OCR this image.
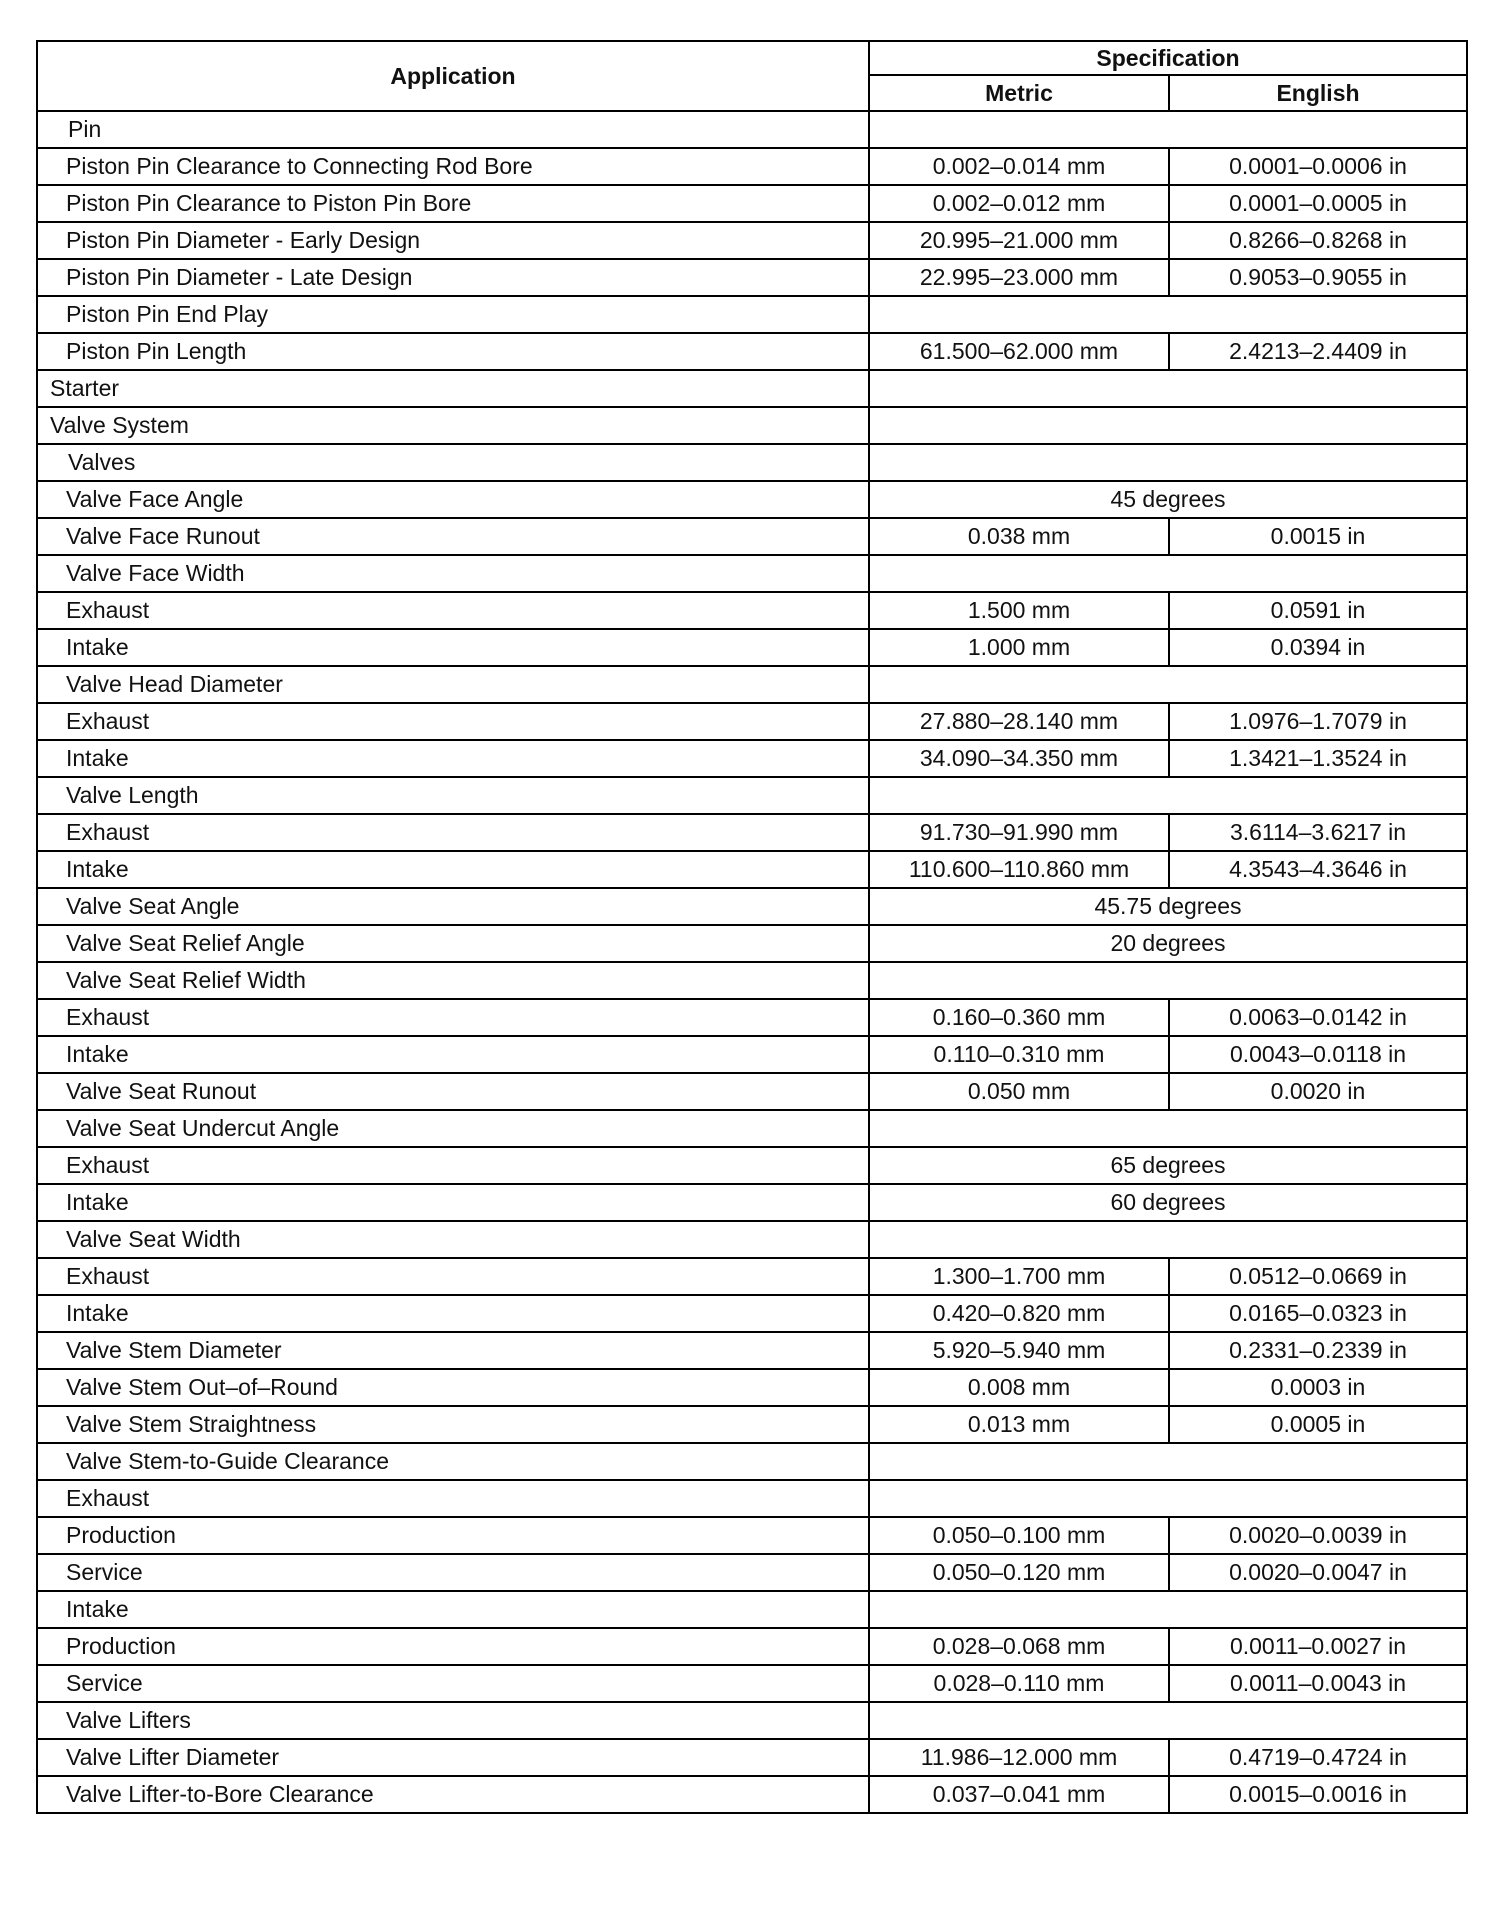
Application	Specification	
	Metric	English
Pin		
Piston Pin Clearance to Connecting Rod Bore	0.002–0.014 mm	0.0001–0.0006 in
Piston Pin Clearance to Piston Pin Bore	0.002–0.012 mm	0.0001–0.0005 in
Piston Pin Diameter - Early Design	20.995–21.000 mm	0.8266–0.8268 in
Piston Pin Diameter - Late Design	22.995–23.000 mm	0.9053–0.9055 in
Piston Pin End Play		
Piston Pin Length	61.500–62.000 mm	2.4213–2.4409 in
Starter		
Valve System		
Valves		
Valve Face Angle	45 degrees	
Valve Face Runout	0.038 mm	0.0015 in
Valve Face Width		
Exhaust	1.500 mm	0.0591 in
Intake	1.000 mm	0.0394 in
Valve Head Diameter		
Exhaust	27.880–28.140 mm	1.0976–1.7079 in
Intake	34.090–34.350 mm	1.3421–1.3524 in
Valve Length		
Exhaust	91.730–91.990 mm	3.6114–3.6217 in
Intake	110.600–110.860 mm	4.3543–4.3646 in
Valve Seat Angle	45.75 degrees	
Valve Seat Relief Angle	20 degrees	
Valve Seat Relief Width		
Exhaust	0.160–0.360 mm	0.0063–0.0142 in
Intake	0.110–0.310 mm	0.0043–0.0118 in
Valve Seat Runout	0.050 mm	0.0020 in
Valve Seat Undercut Angle		
Exhaust	65 degrees	
Intake	60 degrees	
Valve Seat Width		
Exhaust	1.300–1.700 mm	0.0512–0.0669 in
Intake	0.420–0.820 mm	0.0165–0.0323 in
Valve Stem Diameter	5.920–5.940 mm	0.2331–0.2339 in
Valve Stem Out–of–Round	0.008 mm	0.0003 in
Valve Stem Straightness	0.013 mm	0.0005 in
Valve Stem-to-Guide Clearance		
Exhaust		
Production	0.050–0.100 mm	0.0020–0.0039 in
Service	0.050–0.120 mm	0.0020–0.0047 in
Intake		
Production	0.028–0.068 mm	0.0011–0.0027 in
Service	0.028–0.110 mm	0.0011–0.0043 in
Valve Lifters		
Valve Lifter Diameter	11.986–12.000 mm	0.4719–0.4724 in
Valve Lifter-to-Bore Clearance	0.037–0.041 mm	0.0015–0.0016 in
